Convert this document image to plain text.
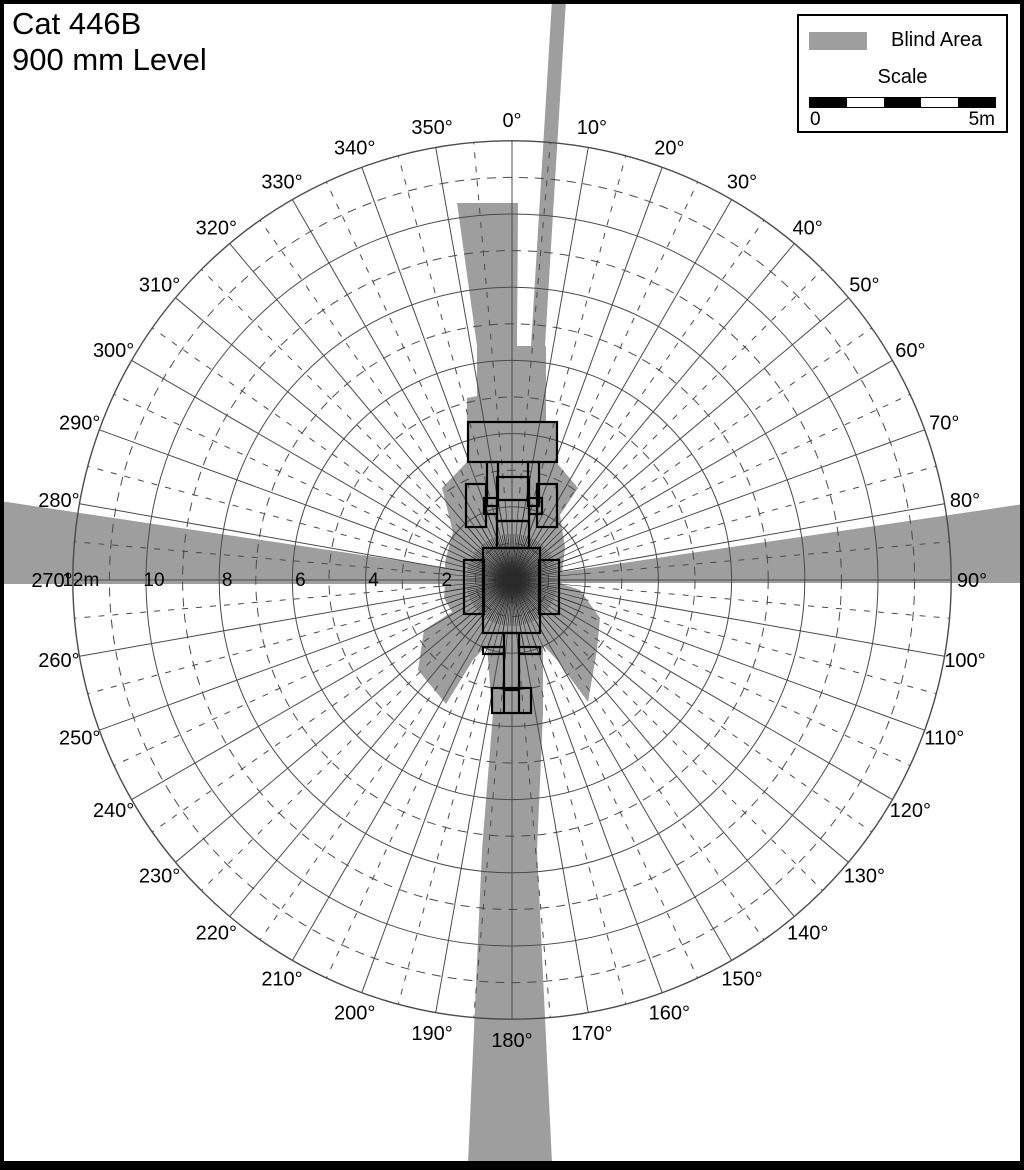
12m 10	8	6	4	2
0°	10°
20°
30°
40°
50°
60°
70°
80°
90°
100°
110°
120°
130°
140°
150°
160°
170°
180°
190°
200°
210°
220°
230°
240°
250°
260°
270°
280°
290°
300°
310°
320°
330°
340°
350°
Cat 446B
900 mm Level
Blind Area
Scale
0	5m
